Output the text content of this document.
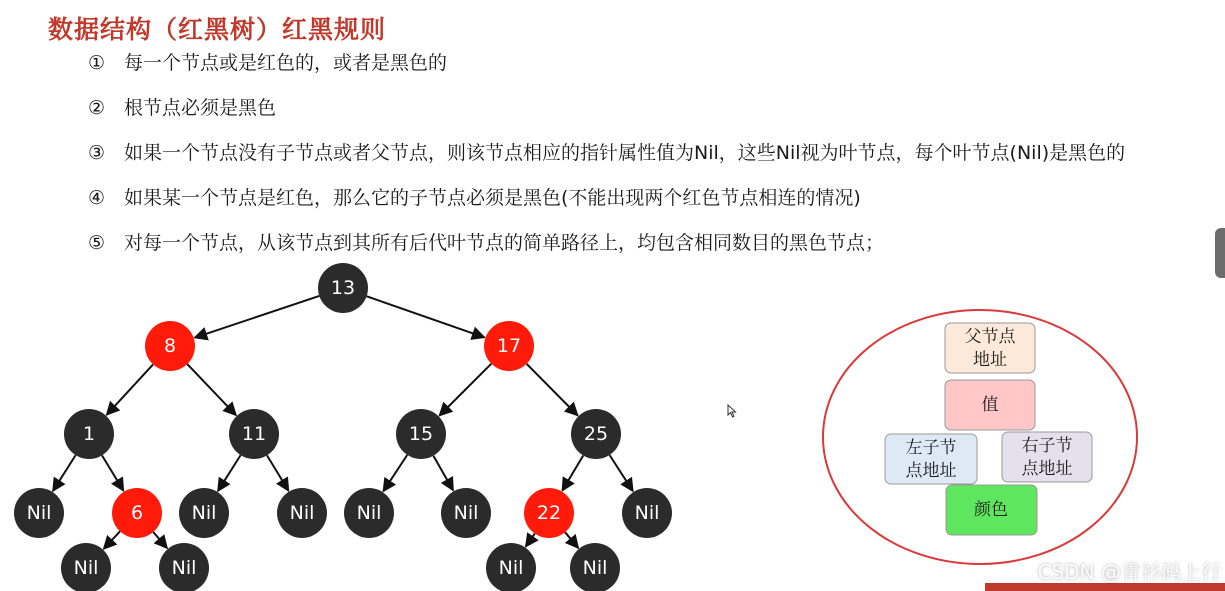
数据结构（红黑树）红黑规则
① 每一个节点或是红色的，或者是黑色的
② 根节点必须是黑色
③ 如果一个节点没有子节点或者父节点，则该节点相应的指针属性值为Nil，这些Nil视为叶节点，每个叶节点(Nil)是黑色的
④ 如果某一个节点是红色，那么它的子节点必须是黑色(不能出现两个红色节点相连的情况)
⑤ 对每一个节点，从该节点到其所有后代叶节点的简单路径上，均包含相同数目的黑色节点；
13
8	17
1	11	15	25
Nil	6	Nil	Nil Nil	Nil	22	Nil
Nil	Nil	Nil	Nil
父节点
地址
值
左子节
点地址
右子节
点地址
颜色
CSDN @青衫码上行
